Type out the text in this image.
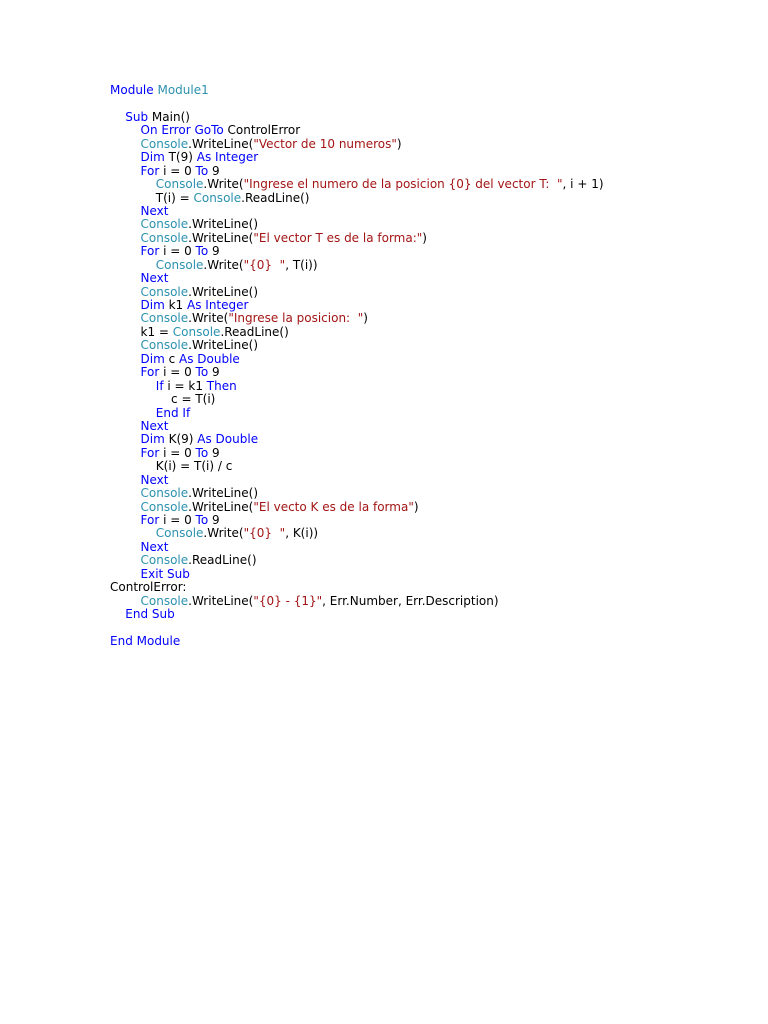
Module Module1

Sub Main()
On Error GoTo ControlError
Console.WriteLine("Vector de 10 numeros")
Dim T(9) As Integer
For i = 0 To 9
Console.Write("Ingrese el numero de la posicion {0} del vector T:  ", i + 1)
T(i) = Console.ReadLine()
Next
Console.WriteLine()
Console.WriteLine("El vector T es de la forma:")
For i = 0 To 9
Console.Write("{0}  ", T(i))
Next
Console.WriteLine()
Dim k1 As Integer
Console.Write("Ingrese la posicion:  ")
k1 = Console.ReadLine()
Console.WriteLine()
Dim c As Double
For i = 0 To 9
If i = k1 Then
c = T(i)
End If
Next
Dim K(9) As Double
For i = 0 To 9
K(i) = T(i) / c
Next
Console.WriteLine()
Console.WriteLine("El vecto K es de la forma")
For i = 0 To 9
Console.Write("{0}  ", K(i))
Next
Console.ReadLine()
Exit Sub
ControlError:
Console.WriteLine("{0} - {1}", Err.Number, Err.Description)
End Sub

End Module
